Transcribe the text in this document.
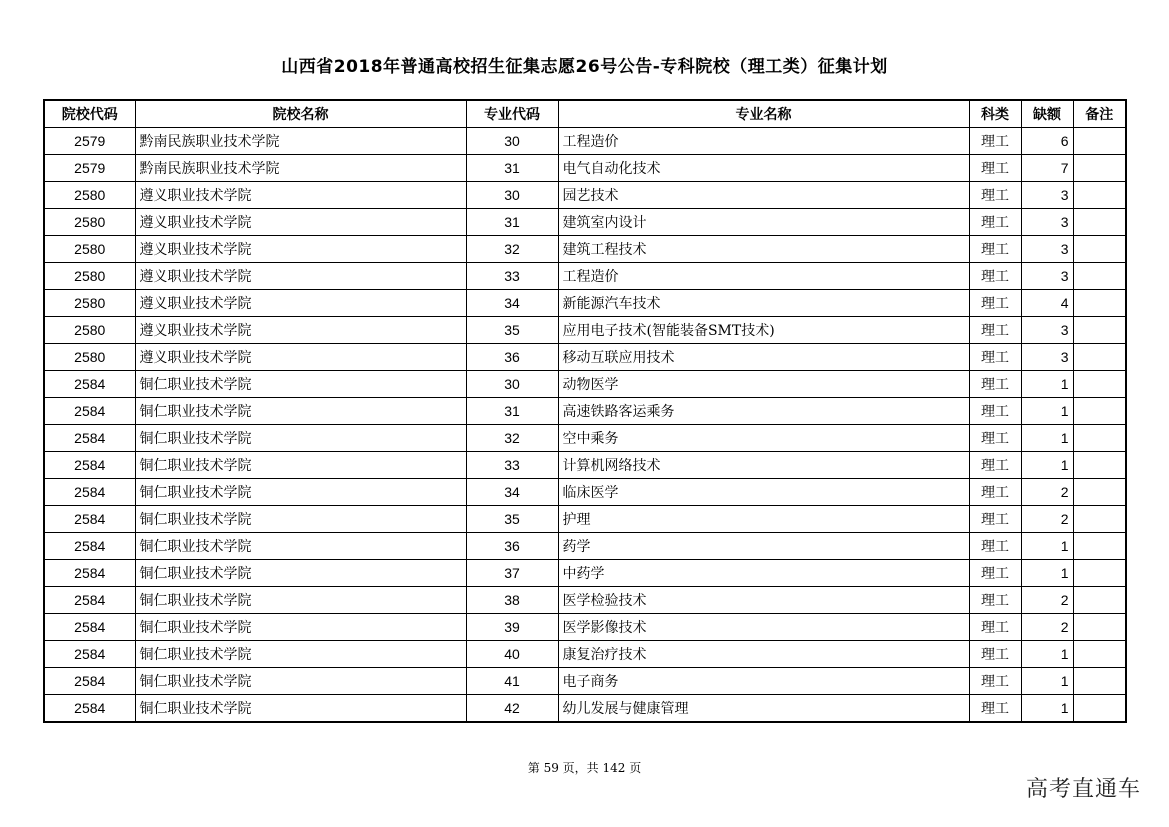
山西省2018年普通高校招生征集志愿26号公告-专科院校（理工类）征集计划
院校代码	院校名称	专业代码	专业名称	科类	缺额	备注
2579	黔南民族职业技术学院	30	工程造价	理工	6	
2579	黔南民族职业技术学院	31	电气自动化技术	理工	7	
2580	遵义职业技术学院	30	园艺技术	理工	3	
2580	遵义职业技术学院	31	建筑室内设计	理工	3	
2580	遵义职业技术学院	32	建筑工程技术	理工	3	
2580	遵义职业技术学院	33	工程造价	理工	3	
2580	遵义职业技术学院	34	新能源汽车技术	理工	4	
2580	遵义职业技术学院	35	应用电子技术(智能装备SMT技术)	理工	3	
2580	遵义职业技术学院	36	移动互联应用技术	理工	3	
2584	铜仁职业技术学院	30	动物医学	理工	1	
2584	铜仁职业技术学院	31	高速铁路客运乘务	理工	1	
2584	铜仁职业技术学院	32	空中乘务	理工	1	
2584	铜仁职业技术学院	33	计算机网络技术	理工	1	
2584	铜仁职业技术学院	34	临床医学	理工	2	
2584	铜仁职业技术学院	35	护理	理工	2	
2584	铜仁职业技术学院	36	药学	理工	1	
2584	铜仁职业技术学院	37	中药学	理工	1	
2584	铜仁职业技术学院	38	医学检验技术	理工	2	
2584	铜仁职业技术学院	39	医学影像技术	理工	2	
2584	铜仁职业技术学院	40	康复治疗技术	理工	1	
2584	铜仁职业技术学院	41	电子商务	理工	1	
2584	铜仁职业技术学院	42	幼儿发展与健康管理	理工	1	
第 59 页，共 142 页
高考直通车
